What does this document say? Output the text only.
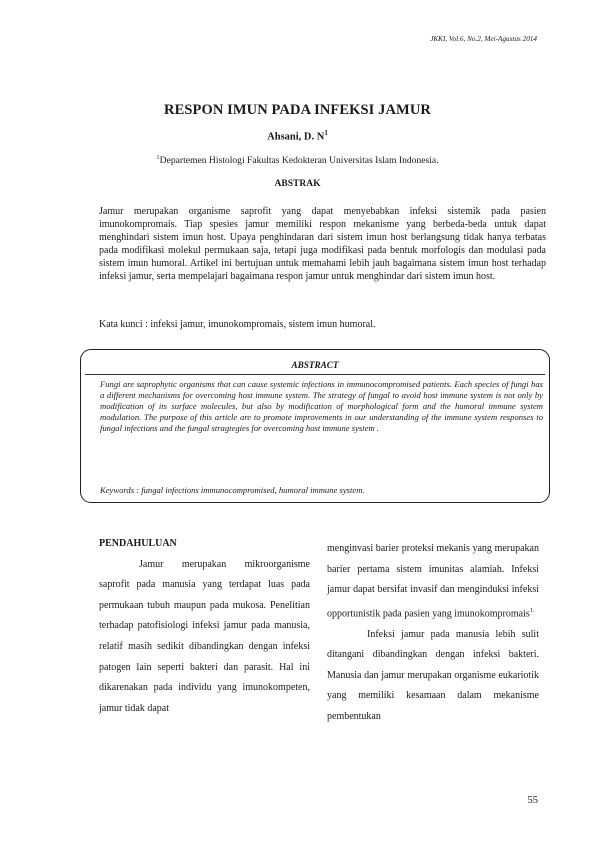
JKKI, Vol.6, No.2, Mei-Agustus 2014
RESPON IMUN PADA INFEKSI JAMUR
Ahsani, D. $N^1$
$^1$Departemen Histologi Fakultas Kedokteran Universitas Islam Indonesia.
ABSTRAK

Jamur merupakan organisme saprofit yang dapat menyebabkan infeksi sistemik pada pasien imunokompromais. Tiap spesies jamur memiliki respon mekanisme yang berbeda-beda untuk dapat menghindari sistem imun host. Upaya penghindaran dari sistem imun host berlangsung tidak hanya terbatas pada modifikasi molekul permukaan saja, tetapi juga modifikasi pada bentuk morfologis dan modulasi pada sistem imun humoral. Artikel ini bertujuan untuk memahami lebih jauh bagaimana sistem imun host terhadap infeksi jamur, serta mempelajari bagaimana respon jamur untuk menghindar dari sistem imun host.

Kata kunci : infeksi jamur, imunokompromais, sistem imun humoral.
ABSTRACT

Fungi are saprophytic organisms that can cause systemic infections in immunocompromised patients. Each species of fungi has a different mechanisms for overcoming host immune system. The strategy of fungal to avoid host immune system is not only by modification of its surface molecules, but also by modification of morphological form and the humoral immune system modulation. The purpose of this article are to promote improvements in our understanding of the immune system responses to fungal infections and the fungal stragtegies for overcoming host immune system .

Keywords : fungal infections immunocompromised, humoral immune system.
PENDAHULUAN

Jamur merupakan mikroorganisme saprofit pada manusia yang terdapat luas pada permukaan tubuh maupun pada mukosa. Penelitian terhadap patofisiologi infeksi jamur pada manusia, relatif masih sedikit dibandingkan dengan infeksi patogen lain seperti bakteri dan parasit. Hal ini dikarenakan pada individu yang imunokompeten, jamur tidak dapat

menginvasi barier proteksi mekanis yang merupakan barier pertama sistem imunitas alamiah. Infeksi jamur dapat bersifat invasif dan menginduksi infeksi opportunistik pada pasien yang imunokompromais$^{1.}$

Infeksi jamur pada manusia lebih sulit ditangani dibandingkan dengan infeksi bakteri. Manusia dan jamur merupakan organisme eukariotik yang memiliki kesamaan dalam mekanisme pembentukan

55
